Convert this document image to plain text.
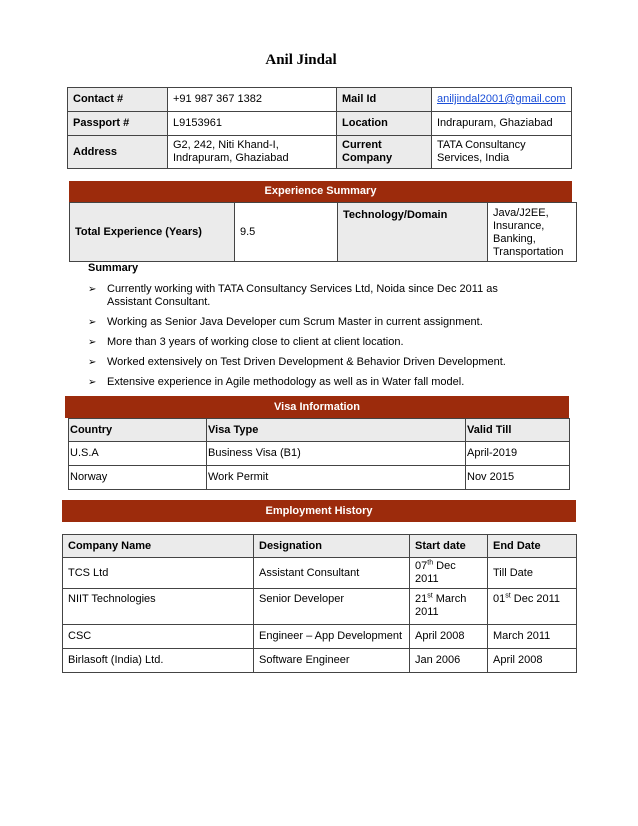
Anil Jindal
Contact #	+91 987 367 1382	Mail Id	aniljindal2001@gmail.com
Passport #	L9153961	Location	Indrapuram, Ghaziabad
Address	G2, 242, Niti Khand-I, Indrapuram, Ghaziabad	Current Company	TATA Consultancy Services, India
Experience Summary
Total Experience (Years)	9.5	Technology/Domain	Java/J2EE, Insurance, Banking, Transportation
Summary
➢ Currently working with TATA Consultancy Services Ltd, Noida since Dec 2011 as Assistant Consultant.
➢ Working as Senior Java Developer cum Scrum Master in current assignment.
➢ More than 3 years of working close to client at client location.
➢ Worked extensively on Test Driven Development & Behavior Driven Development.
➢ Extensive experience in Agile methodology as well as in Water fall model.
Visa Information
Country	Visa Type	Valid Till
U.S.A	Business Visa (B1)	April-2019
Norway	Work Permit	Nov 2015
Employment History
Company Name	Designation	Start date	End Date
TCS Ltd	Assistant Consultant	07th Dec 2011	Till Date
NIIT Technologies	Senior Developer	21st March 2011	01st Dec 2011
CSC	Engineer – App Development	April 2008	March 2011
Birlasoft (India) Ltd.	Software Engineer	Jan 2006	April 2008
